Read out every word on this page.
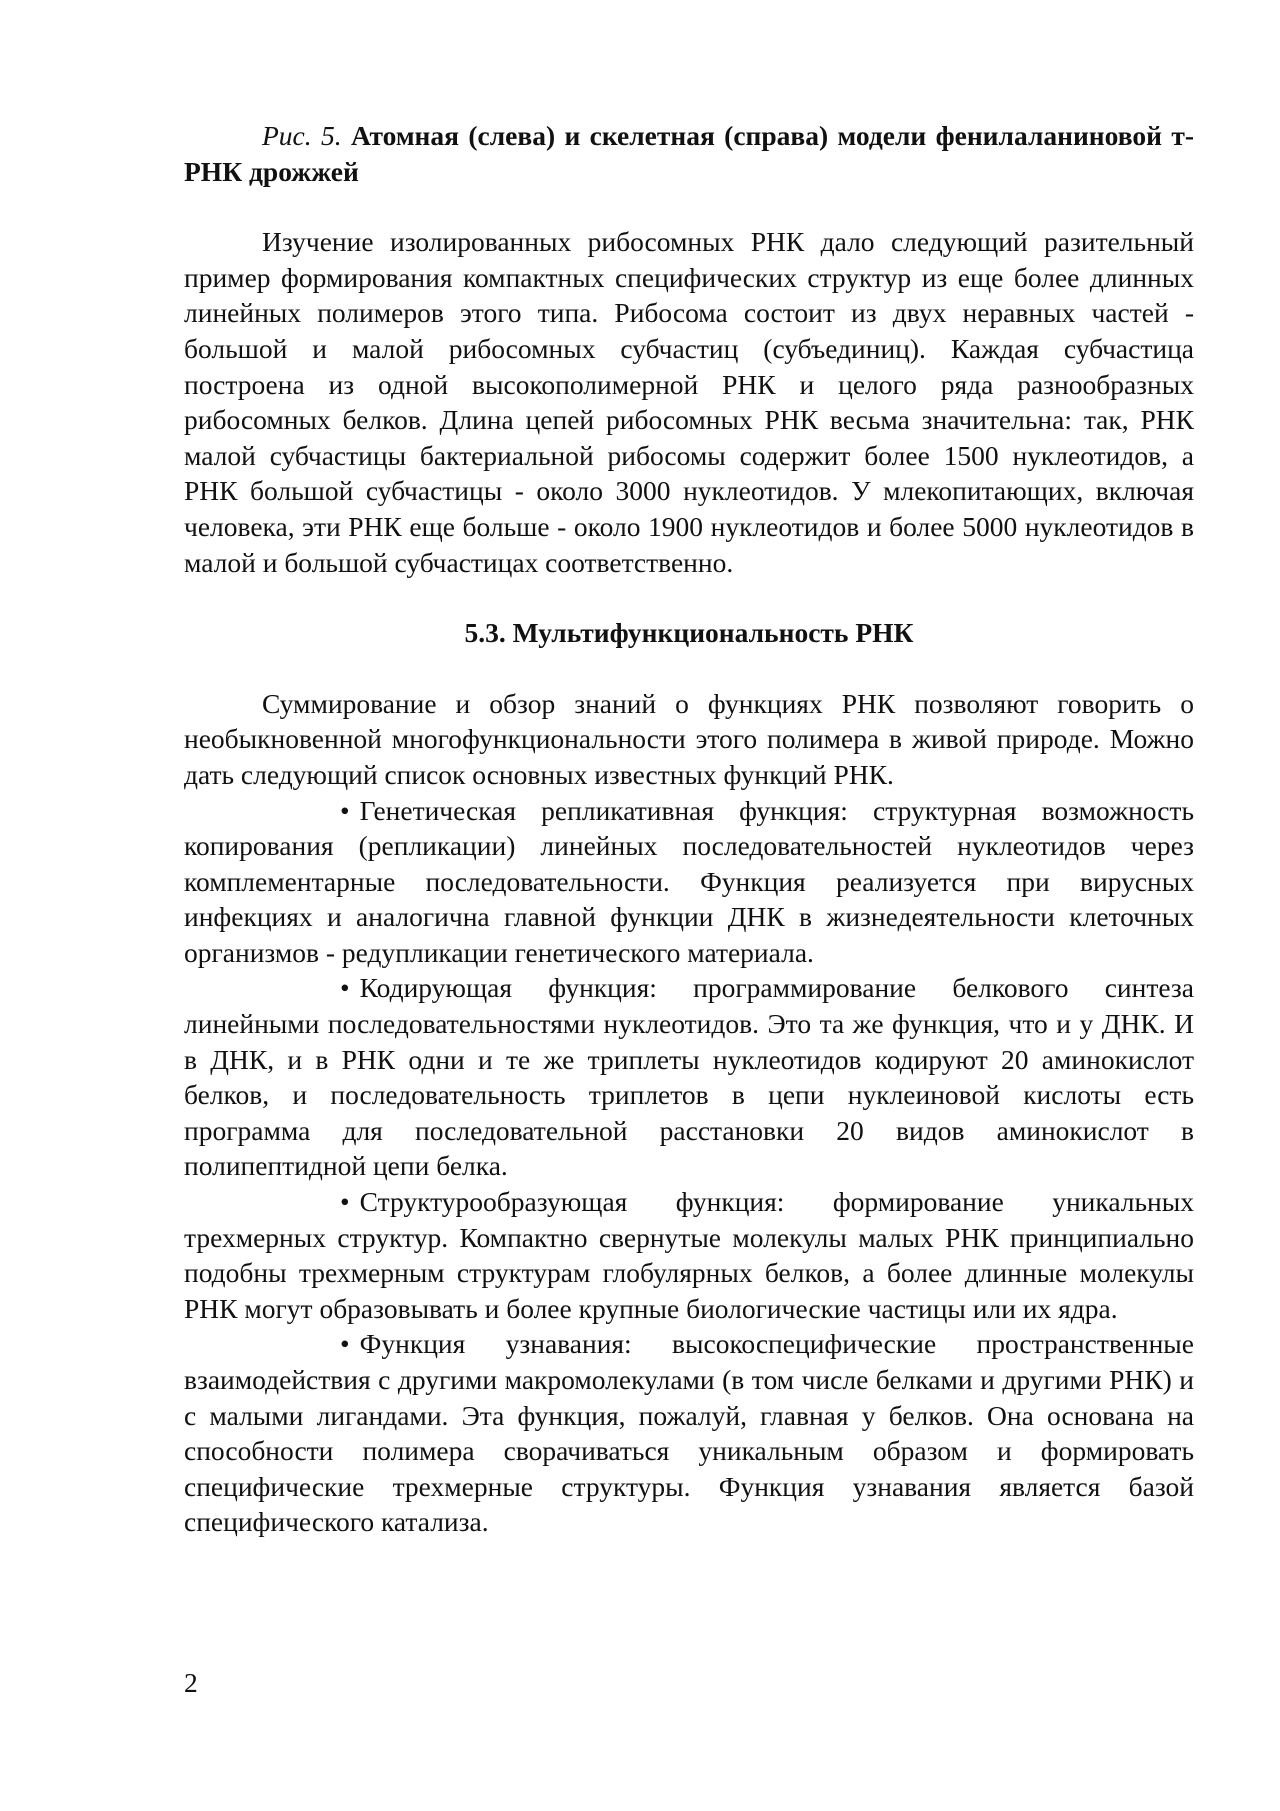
Рис. 5. Атомная (слева) и скелетная (справа) модели фенилаланиновой т-РНК дрожжей

Изучение изолированных рибосомных РНК дало следующий разительный пример формирования компактных специфических структур из еще более длинных линейных полимеров этого типа. Рибосома состоит из двух неравных частей - большой и малой рибосомных субчастиц (субъединиц). Каждая субчастица построена из одной высокополимерной РНК и целого ряда разнообразных рибосомных белков. Длина цепей рибосомных РНК весьма значительна: так, РНК малой субчастицы бактериальной рибосомы содержит более 1500 нуклеотидов, а РНК большой субчастицы - около 3000 нуклеотидов. У млекопитающих, включая человека, эти РНК еще больше - около 1900 нуклеотидов и более 5000 нуклеотидов в малой и большой субчастицах соответственно.

5.3. Мультифункциональность РНК

Суммирование и обзор знаний о функциях РНК позволяют говорить о необыкновенной многофункциональности этого полимера в живой природе. Можно дать следующий список основных известных функций РНК.

• Генетическая репликативная функция: структурная возможность копирования (репликации) линейных последовательностей нуклеотидов через комплементарные последовательности. Функция реализуется при вирусных инфекциях и аналогична главной функции ДНК в жизнедеятельности клеточных организмов - редупликации генетического материала.

• Кодирующая функция: программирование белкового синтеза линейными последовательностями нуклеотидов. Это та же функция, что и у ДНК. И в ДНК, и в РНК одни и те же триплеты нуклеотидов кодируют 20 аминокислот белков, и последовательность триплетов в цепи нуклеиновой кислоты есть программа для последовательной расстановки 20 видов аминокислот в полипептидной цепи белка.

• Структурообразующая функция: формирование уникальных трехмерных структур. Компактно свернутые молекулы малых РНК принципиально подобны трехмерным структурам глобулярных белков, а более длинные молекулы РНК могут образовывать и более крупные биологические частицы или их ядра.

• Функция узнавания: высокоспецифические пространственные взаимодействия с другими макромолекулами (в том числе белками и другими РНК) и с малыми лигандами. Эта функция, пожалуй, главная у белков. Она основана на способности полимера сворачиваться уникальным образом и формировать специфические трехмерные структуры. Функция узнавания является базой специфического катализа.

2
